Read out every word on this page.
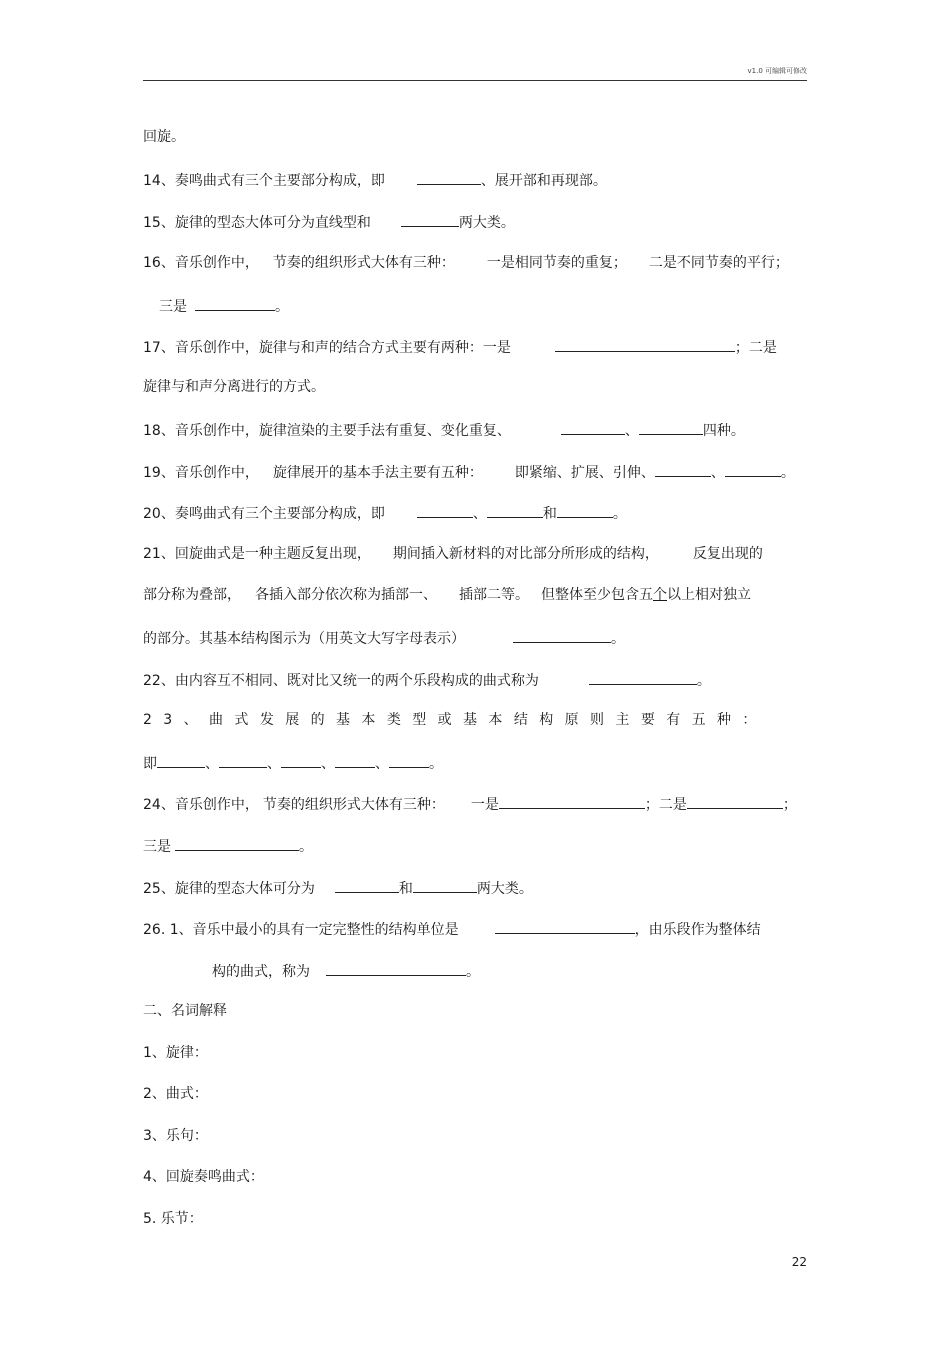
v1.0 可编辑可修改
回旋。
14、奏鸣曲式有三个主要部分构成，即	、展开部和再现部。
15、旋律的型态大体可分为直线型和	两大类。
16、音乐创作中， 节奏的组织形式大体有三种： 一是相同节奏的重复； 二是不同节奏的平行；
三是	。
17、音乐创作中，旋律与和声的结合方式主要有两种：一是	；二是
旋律与和声分离进行的方式。
18、音乐创作中，旋律渲染的主要手法有重复、变化重复、	、	四种。
19、音乐创作中， 旋律展开的基本手法主要有五种： 即紧缩、扩展、引伸、	、	。
20、奏鸣曲式有三个主要部分构成，即	、	和	。
21、回旋曲式是一种主题反复出现， 期间插入新材料的对比部分所形成的结构， 反复出现的
部分称为叠部， 各插入部分依次称为插部一、 插部二等。 但整体至少包含五个以上相对独立
的部分。其基本结构图示为（用英文大写字母表示）	。
22、由内容互不相同、既对比又统一的两个乐段构成的曲式称为	。
23、曲式发展的基本类型或基本结构原则主要有五种：
即	、	、	、	、	。
24、音乐创作中， 节奏的组织形式大体有三种： 一是	；二是	；
三是	。
25、旋律的型态大体可分为	和	两大类。
26. 1、音乐中最小的具有一定完整性的结构单位是	，由乐段作为整体结
构的曲式，称为	。
二、名词解释
1、旋律：
2、曲式：
3、乐句：
4、回旋奏鸣曲式：
5. 乐节：
22
